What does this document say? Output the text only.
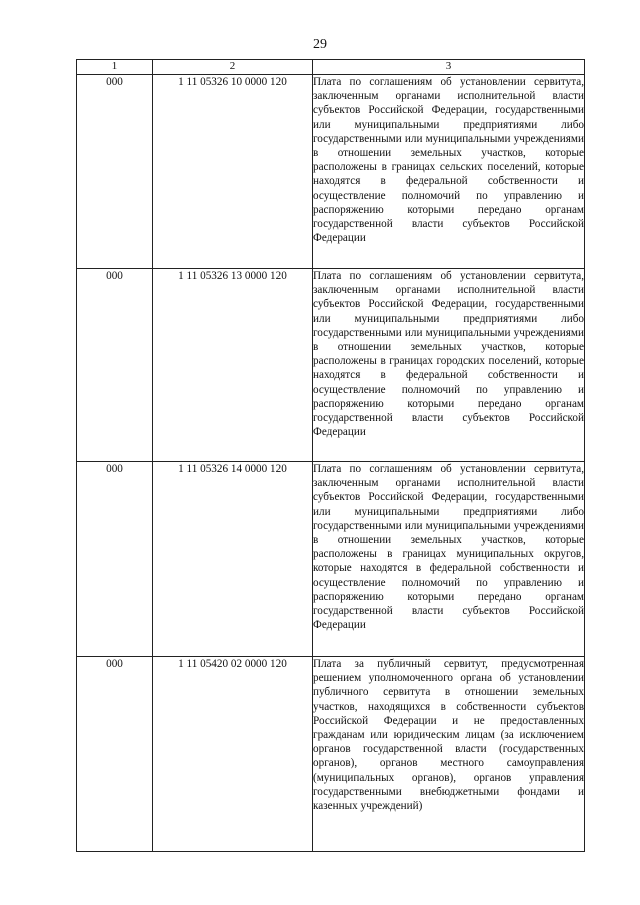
29
1	2	3
000	1 11 05326 10 0000 120	Плата по соглашениям об установлении сервитута, заключенным органами исполнительной власти субъектов Российской Федерации, государственными или муниципальными предприятиями либо государственными или муниципальными учреждениями в отношении земельных участков, которые расположены в границах сельских поселений, которые находятся в федеральной собственности и осуществление полномочий по управлению и распоряжению которыми передано органам государственной власти субъектов Российской Федерации
000	1 11 05326 13 0000 120	Плата по соглашениям об установлении сервитута, заключенным органами исполнительной власти субъектов Российской Федерации, государственными или муниципальными предприятиями либо государственными или муниципальными учреждениями в отношении земельных участков, которые расположены в границах городских поселений, которые находятся в федеральной собственности и осуществление полномочий по управлению и распоряжению которыми передано органам государственной власти субъектов Российской Федерации
000	1 11 05326 14 0000 120	Плата по соглашениям об установлении сервитута, заключенным органами исполнительной власти субъектов Российской Федерации, государственными или муниципальными предприятиями либо государственными или муниципальными учреждениями в отношении земельных участков, которые расположены в границах муниципальных округов, которые находятся в федеральной собственности и осуществление полномочий по управлению и распоряжению которыми передано органам государственной власти субъектов Российской Федерации
000	1 11 05420 02 0000 120	Плата за публичный сервитут, предусмотренная решением уполномоченного органа об установлении публичного сервитута в отношении земельных участков, находящихся в собственности субъектов Российской Федерации и не предоставленных гражданам или юридическим лицам (за исключением органов государственной власти (государственных органов), органов местного самоуправления (муниципальных органов), органов управления государственными внебюджетными фондами и казенных учреждений)
